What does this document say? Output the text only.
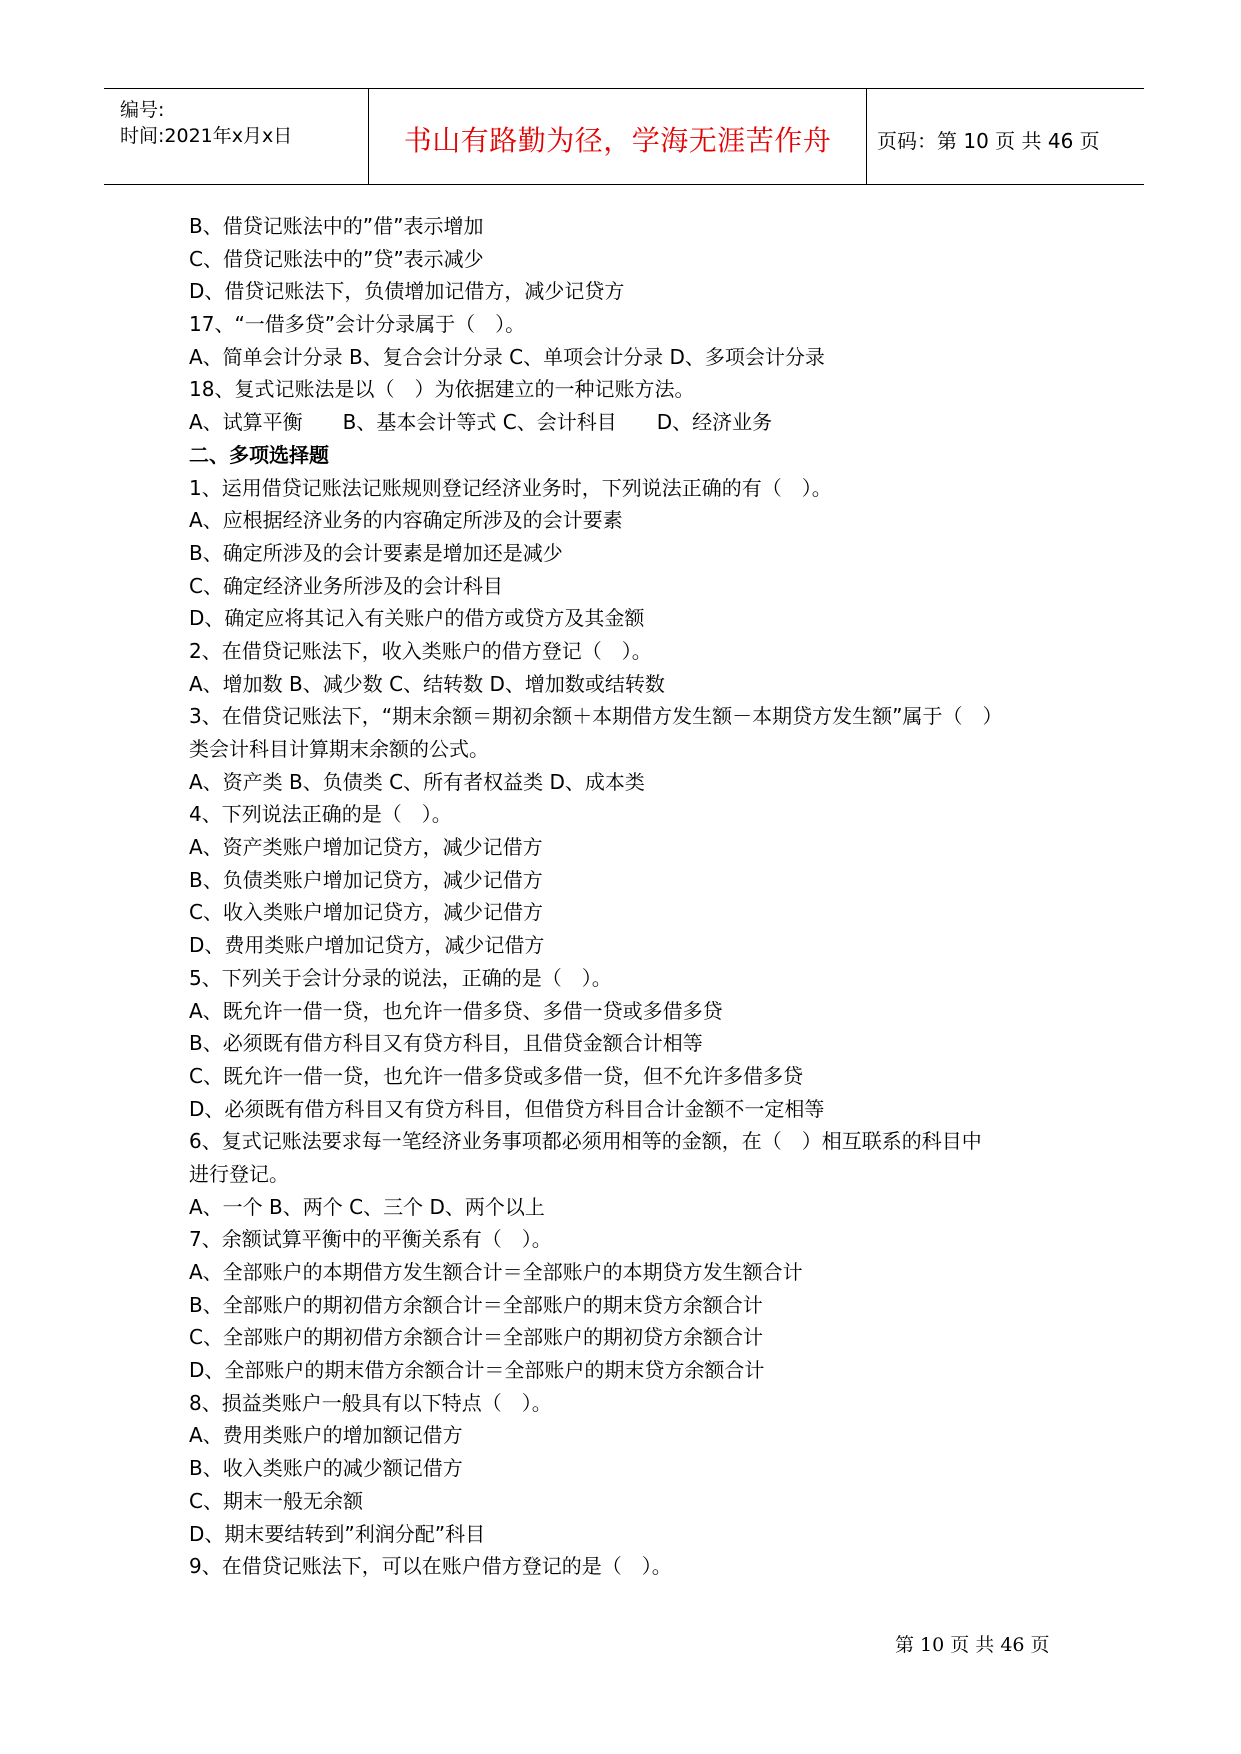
编号:
时间:2021年x月x日	书山有路勤为径，学海无涯苦作舟	页码：第 10 页 共 46 页
B、借贷记账法中的”借”表示增加
C、借贷记账法中的”贷”表示减少
D、借贷记账法下，负债增加记借方，减少记贷方
17、“一借多贷”会计分录属于（　）。
A、简单会计分录 B、复合会计分录 C、单项会计分录 D、多项会计分录
18、复式记账法是以（　）为依据建立的一种记账方法。
A、试算平衡　　B、基本会计等式 C、会计科目　　D、经济业务
二、多项选择题
1、运用借贷记账法记账规则登记经济业务时，下列说法正确的有（　）。
A、应根据经济业务的内容确定所涉及的会计要素
B、确定所涉及的会计要素是增加还是减少
C、确定经济业务所涉及的会计科目
D、确定应将其记入有关账户的借方或贷方及其金额
2、在借贷记账法下，收入类账户的借方登记（　）。
A、增加数 B、减少数 C、结转数 D、增加数或结转数
3、在借贷记账法下，“期末余额＝期初余额＋本期借方发生额－本期贷方发生额”属于（　）
类会计科目计算期末余额的公式。
A、资产类 B、负债类 C、所有者权益类 D、成本类
4、下列说法正确的是（　）。
A、资产类账户增加记贷方，减少记借方
B、负债类账户增加记贷方，减少记借方
C、收入类账户增加记贷方，减少记借方
D、费用类账户增加记贷方，减少记借方
5、下列关于会计分录的说法，正确的是（　）。
A、既允许一借一贷，也允许一借多贷、多借一贷或多借多贷
B、必须既有借方科目又有贷方科目，且借贷金额合计相等
C、既允许一借一贷，也允许一借多贷或多借一贷，但不允许多借多贷
D、必须既有借方科目又有贷方科目，但借贷方科目合计金额不一定相等
6、复式记账法要求每一笔经济业务事项都必须用相等的金额，在（　）相互联系的科目中
进行登记。
A、一个 B、两个 C、三个 D、两个以上
7、余额试算平衡中的平衡关系有（　）。
A、全部账户的本期借方发生额合计＝全部账户的本期贷方发生额合计
B、全部账户的期初借方余额合计＝全部账户的期末贷方余额合计
C、全部账户的期初借方余额合计＝全部账户的期初贷方余额合计
D、全部账户的期末借方余额合计＝全部账户的期末贷方余额合计
8、损益类账户一般具有以下特点（　）。
A、费用类账户的增加额记借方
B、收入类账户的减少额记借方
C、期末一般无余额
D、期末要结转到”利润分配”科目
9、在借贷记账法下，可以在账户借方登记的是（　）。
第 10 页 共 46 页
